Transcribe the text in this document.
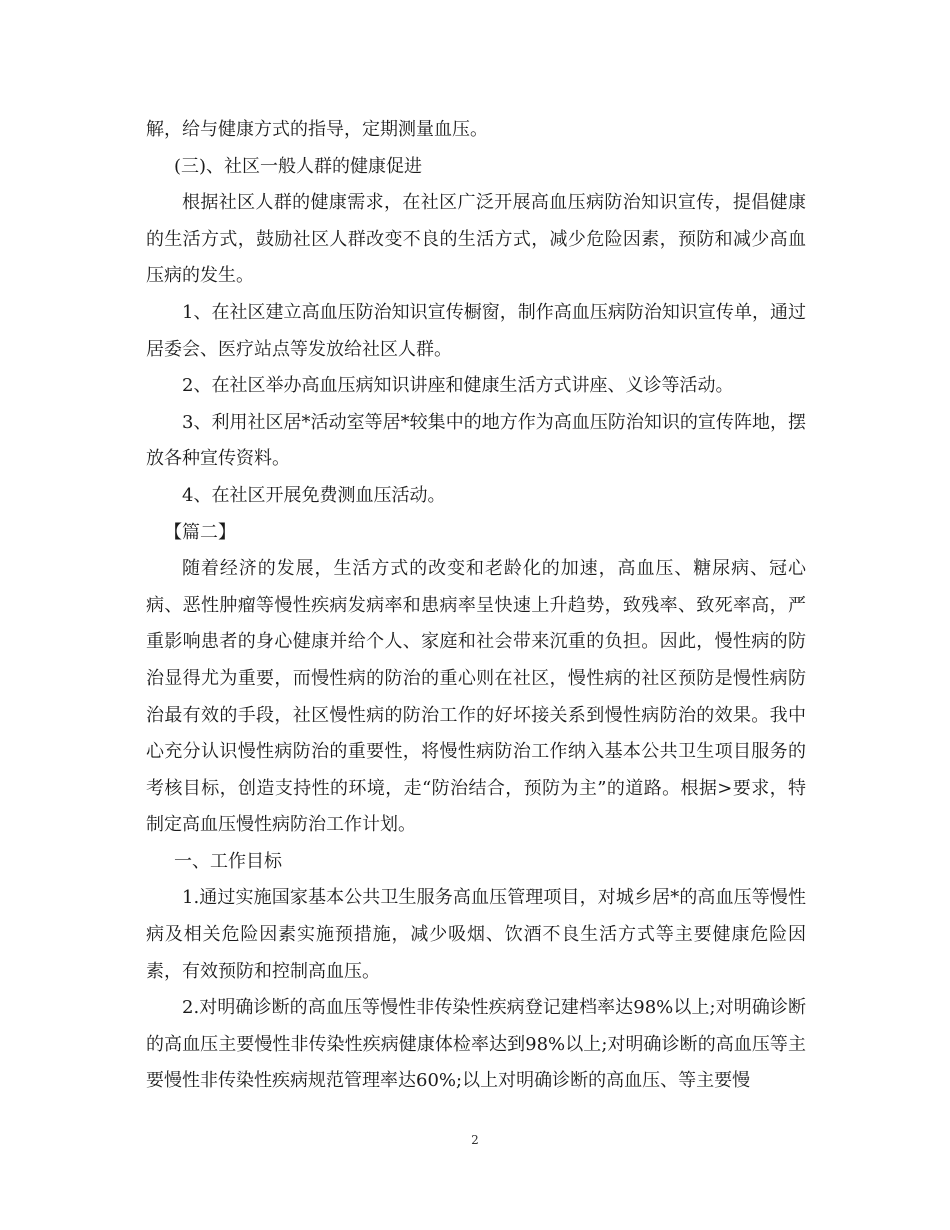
解，给与健康方式的指导，定期测量血压。

(三)、社区一般人群的健康促进

根据社区人群的健康需求，在社区广泛开展高血压病防治知识宣传，提倡健康的生活方式，鼓励社区人群改变不良的生活方式，减少危险因素，预防和减少高血压病的发生。

1、在社区建立高血压防治知识宣传橱窗，制作高血压病防治知识宣传单，通过居委会、医疗站点等发放给社区人群。

2、在社区举办高血压病知识讲座和健康生活方式讲座、义诊等活动。

3、利用社区居*活动室等居*较集中的地方作为高血压防治知识的宣传阵地，摆放各种宣传资料。

4、在社区开展免费测血压活动。

【篇二】

随着经济的发展，生活方式的改变和老龄化的加速，高血压、糖尿病、冠心病、恶性肿瘤等慢性疾病发病率和患病率呈快速上升趋势，致残率、致死率高，严重影响患者的身心健康并给个人、家庭和社会带来沉重的负担。因此，慢性病的防治显得尤为重要，而慢性病的防治的重心则在社区，慢性病的社区预防是慢性病防治最有效的手段，社区慢性病的防治工作的好坏接关系到慢性病防治的效果。我中心充分认识慢性病防治的重要性，将慢性病防治工作纳入基本公共卫生项目服务的考核目标，创造支持性的环境，走“防治结合，预防为主”的道路。根据>要求，特制定高血压慢性病防治工作计划。

一、工作目标

1.通过实施国家基本公共卫生服务高血压管理项目，对城乡居*的高血压等慢性病及相关危险因素实施预措施，减少吸烟、饮酒不良生活方式等主要健康危险因素，有效预防和控制高血压。

2.对明确诊断的高血压等慢性非传染性疾病登记建档率达98%以上;对明确诊断的高血压主要慢性非传染性疾病健康体检率达到98%以上;对明确诊断的高血压等主要慢性非传染性疾病规范管理率达60%;以上对明确诊断的高血压、等主要慢

2
